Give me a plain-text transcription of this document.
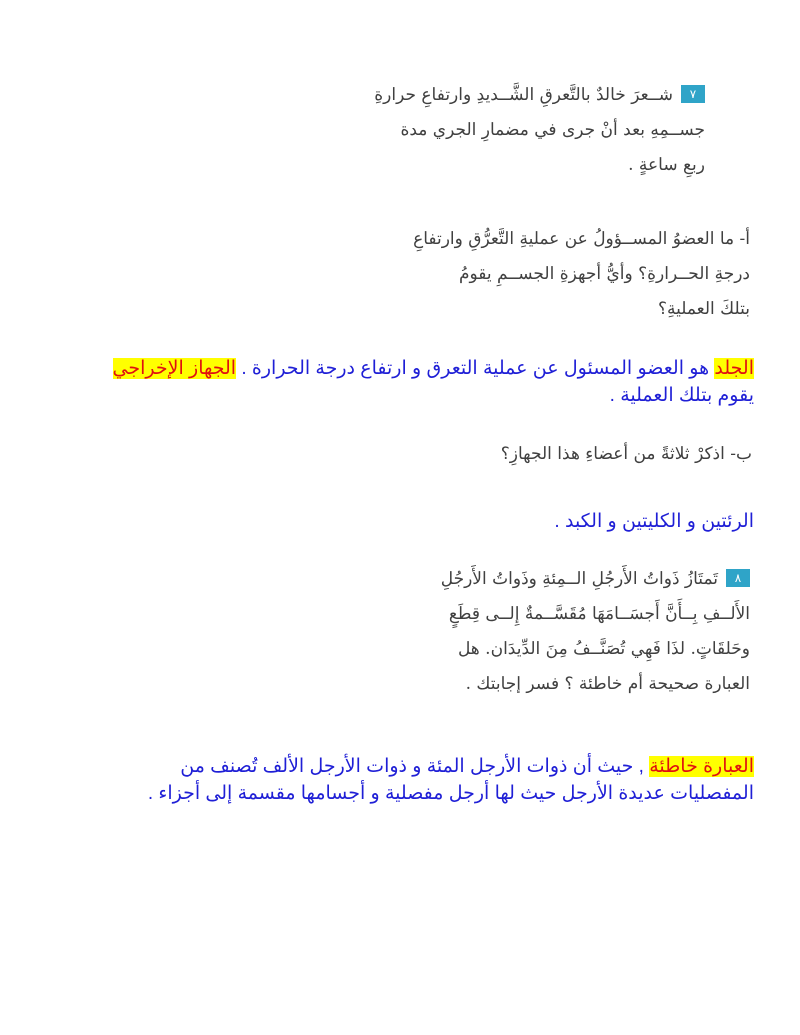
٧شــعرَ خالدٌ بالتَّعرقِ الشَّــديدِ وارتفاعِ حرارةِ
جســمِهِ بعد أنْ جرى في مضمارِ الجري مدة
ربعِ ساعةٍ .
أ- ما العضوُ المســؤولُ عن عمليةِ التَّعرُّقِ وارتفاعِ
درجةِ الحــرارةِ؟ وأيُّ أجهزةِ الجســمِ يقومُ
بتلكَ العمليةِ؟
الجلد هو العضو المسئول عن عملية التعرق و ارتفاع درجة الحرارة . الجهاز الإخراجي
يقوم بتلك العملية .
ب- اذكرْ ثلاثةً من أعضاءِ هذا الجهازِ؟
الرئتين و الكليتين و الكبد .
٨تَمتَازُ ذَواتُ الأَرجُلِ الــمِئةِ وذَواتُ الأَرجُلِ
الأَلــفِ بِــأَنَّ أَجسَــامَهَا مُقَسَّــمةٌ إِلــى قِطَعٍ
وحَلقَاتٍ. لذَا فَهِي تُصَنَّــفُ مِنَ الدِّيدَان. هل
العبارة صحيحة أم خاطئة ؟ فسر إجابتك .
العبارة خاطئة , حيث أن ذوات الأرجل المئة و ذوات الأرجل الألف تُصنف من
المفصليات عديدة الأرجل حيث لها أرجل مفصلية و أجسامها مقسمة إلى أجزاء .
